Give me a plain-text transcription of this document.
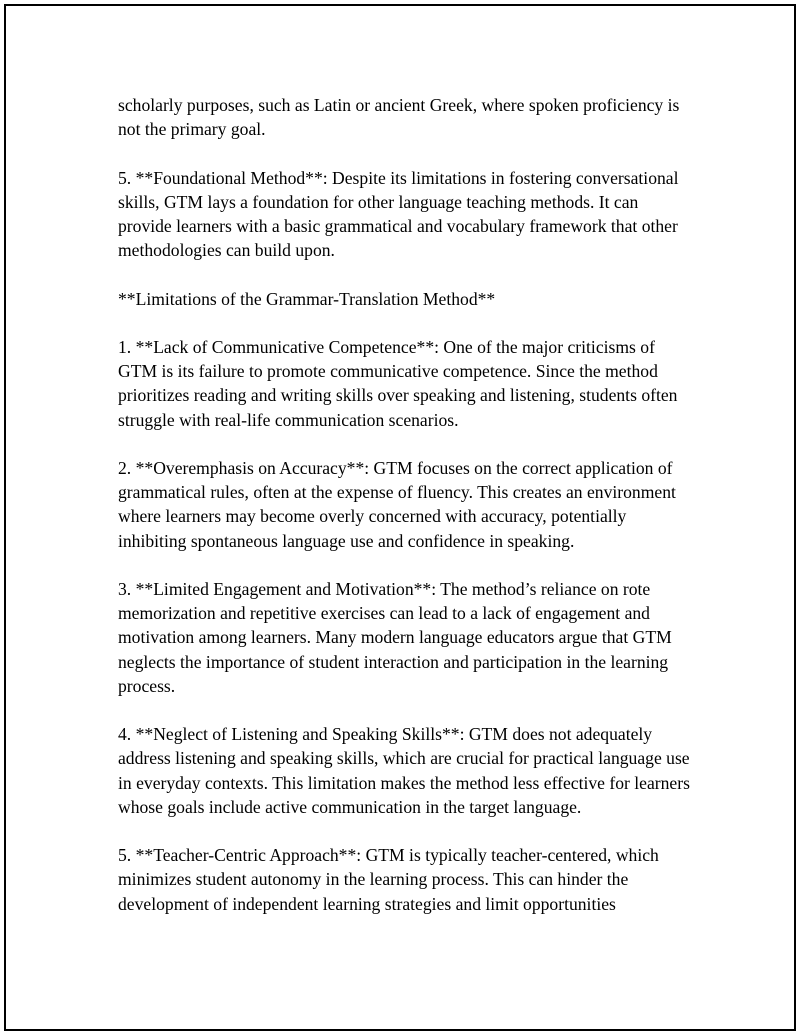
scholarly purposes, such as Latin or ancient Greek, where spoken proficiency is not the primary goal.

5. **Foundational Method**: Despite its limitations in fostering conversational skills, GTM lays a foundation for other language teaching methods. It can provide learners with a basic grammatical and vocabulary framework that other methodologies can build upon.

**Limitations of the Grammar-Translation Method**

1. **Lack of Communicative Competence**: One of the major criticisms of GTM is its failure to promote communicative competence. Since the method prioritizes reading and writing skills over speaking and listening, students often struggle with real-life communication scenarios.

2. **Overemphasis on Accuracy**: GTM focuses on the correct application of grammatical rules, often at the expense of fluency. This creates an environment where learners may become overly concerned with accuracy, potentially inhibiting spontaneous language use and confidence in speaking.

3. **Limited Engagement and Motivation**: The method’s reliance on rote memorization and repetitive exercises can lead to a lack of engagement and motivation among learners. Many modern language educators argue that GTM neglects the importance of student interaction and participation in the learning process.

4. **Neglect of Listening and Speaking Skills**: GTM does not adequately address listening and speaking skills, which are crucial for practical language use in everyday contexts. This limitation makes the method less effective for learners whose goals include active communication in the target language.

5. **Teacher-Centric Approach**: GTM is typically teacher-centered, which minimizes student autonomy in the learning process. This can hinder the development of independent learning strategies and limit opportunities
